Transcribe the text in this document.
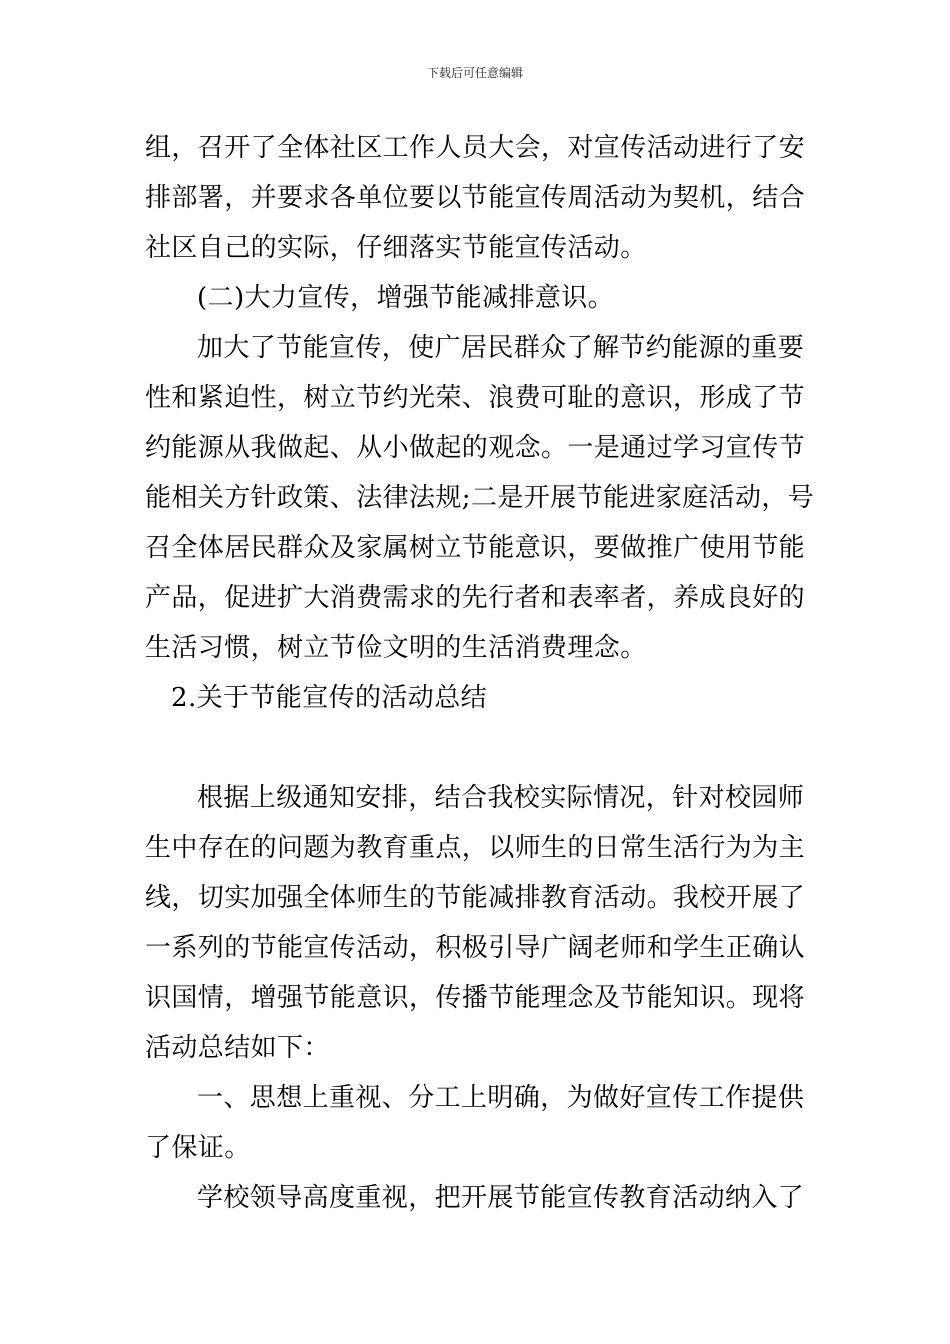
下载后可任意编辑
组，召开了全体社区工作人员大会，对宣传活动进行了安
排部署，并要求各单位要以节能宣传周活动为契机，结合
社区自己的实际，仔细落实节能宣传活动。
(二)大力宣传，增强节能减排意识。
加大了节能宣传，使广居民群众了解节约能源的重要
性和紧迫性，树立节约光荣、浪费可耻的意识，形成了节
约能源从我做起、从小做起的观念。一是通过学习宣传节
能相关方针政策、法律法规;二是开展节能进家庭活动，号
召全体居民群众及家属树立节能意识，要做推广使用节能
产品，促进扩大消费需求的先行者和表率者，养成良好的
生活习惯，树立节俭文明的生活消费理念。
2.关于节能宣传的活动总结
根据上级通知安排，结合我校实际情况，针对校园师
生中存在的问题为教育重点，以师生的日常生活行为为主
线，切实加强全体师生的节能减排教育活动。我校开展了
一系列的节能宣传活动，积极引导广阔老师和学生正确认
识国情，增强节能意识，传播节能理念及节能知识。现将
活动总结如下：
一、思想上重视、分工上明确，为做好宣传工作提供
了保证。
学校领导高度重视，把开展节能宣传教育活动纳入了
